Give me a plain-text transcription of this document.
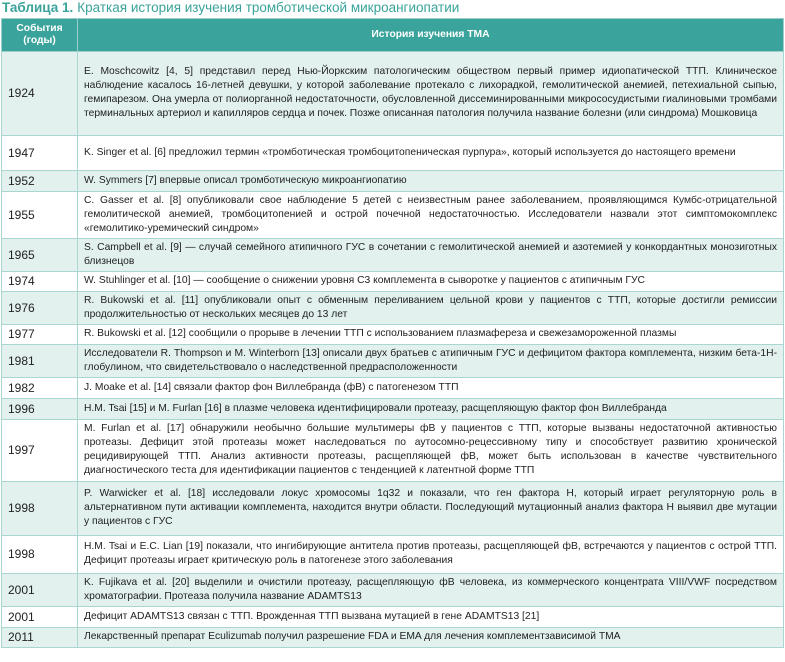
Таблица 1. Краткая история изучения тромботической микроангиопатии
События (годы)	История изучения ТМА
1924	E. Moschcowitz [4, 5] представил перед Нью-Йоркским патологическим обществом первый пример идиопатической ТТП. Клиническое наблюдение касалось 16-летней девушки, у которой заболевание протекало с лихорадкой, гемолитической анемией, петехиальной сыпью, гемипарезом. Она умерла от полиорганной недостаточности, обусловленной диссеминированными микрососудистыми гиалиновыми тромбами терминальных артериол и капилляров сердца и почек. Позже описанная патология получила название болезни (или синдрома) Мошковица
1947	K. Singer et al. [6] предложил термин «тромботическая тромбоцитопеническая пурпура», который используется до настоящего времени
1952	W. Symmers [7] впервые описал тромботическую микроангиопатию
1955	C. Gasser et al. [8] опубликовали свое наблюдение 5 детей с неизвестным ранее заболеванием, проявляющимся Кумбс-отрицательной гемолитической анемией, тромбоцитопенией и острой почечной недостаточностью. Исследователи назвали этот симптомокомплекс «гемолитико-уремический синдром»
1965	S. Campbell et al. [9] — случай семейного атипичного ГУС в сочетании с гемолитической анемией и азотемией у конкордантных монозиготных близнецов
1974	W. Stuhlinger et al. [10] — сообщение о снижении уровня C3 комплемента в сыворотке у пациентов с атипичным ГУС
1976	R. Bukowski et al. [11] опубликовали опыт с обменным переливанием цельной крови у пациентов с ТТП, которые достигли ремиссии продолжительностью от нескольких месяцев до 13 лет
1977	R. Bukowski et al. [12] сообщили о прорыве в лечении ТТП с использованием плазмафереза и свежезамороженной плазмы
1981	Исследователи R. Thompson и M. Winterborn [13] описали двух братьев с атипичным ГУС и дефицитом фактора комплемента, низким бета-1Н-глобулином, что свидетельствовало о наследственной предрасположенности
1982	J. Moake et al. [14] связали фактор фон Виллебранда (фВ) с патогенезом ТТП
1996	H.M. Tsai [15] и M. Furlan [16] в плазме человека идентифицировали протеазу, расщепляющую фактор фон Виллебранда
1997	M. Furlan et al. [17] обнаружили необычно большие мультимеры фВ у пациентов с ТТП, которые вызваны недостаточной активностью протеазы. Дефицит этой протеазы может наследоваться по аутосомно-рецессивному типу и способствует развитию хронической рецидивирующей ТТП. Анализ активности протеазы, расщепляющей фВ, может быть использован в качестве чувствительного диагностического теста для идентификации пациентов с тенденцией к латентной форме ТТП
1998	P. Warwicker et al. [18] исследовали локус хромосомы 1q32 и показали, что ген фактора H, который играет регуляторную роль в альтернативном пути активации комплемента, находится внутри области. Последующий мутационный анализ фактора H выявил две мутации у пациентов с ГУС
1998	H.M. Tsai и E.C. Lian [19] показали, что ингибирующие антитела против протеазы, расщепляющей фВ, встречаются у пациентов с острой ТТП. Дефицит протеазы играет критическую роль в патогенезе этого заболевания
2001	K. Fujikava et al. [20] выделили и очистили протеазу, расщепляющую фВ человека, из коммерческого концентрата VIII/VWF посредством хроматографии. Протеаза получила название ADAMTS13
2001	Дефицит ADAMTS13 связан с ТТП. Врожденная ТТП вызвана мутацией в гене ADAMTS13 [21]
2011	Лекарственный препарат Eculizumab получил разрешение FDA и EMA для лечения комплементзависимой ТМА
